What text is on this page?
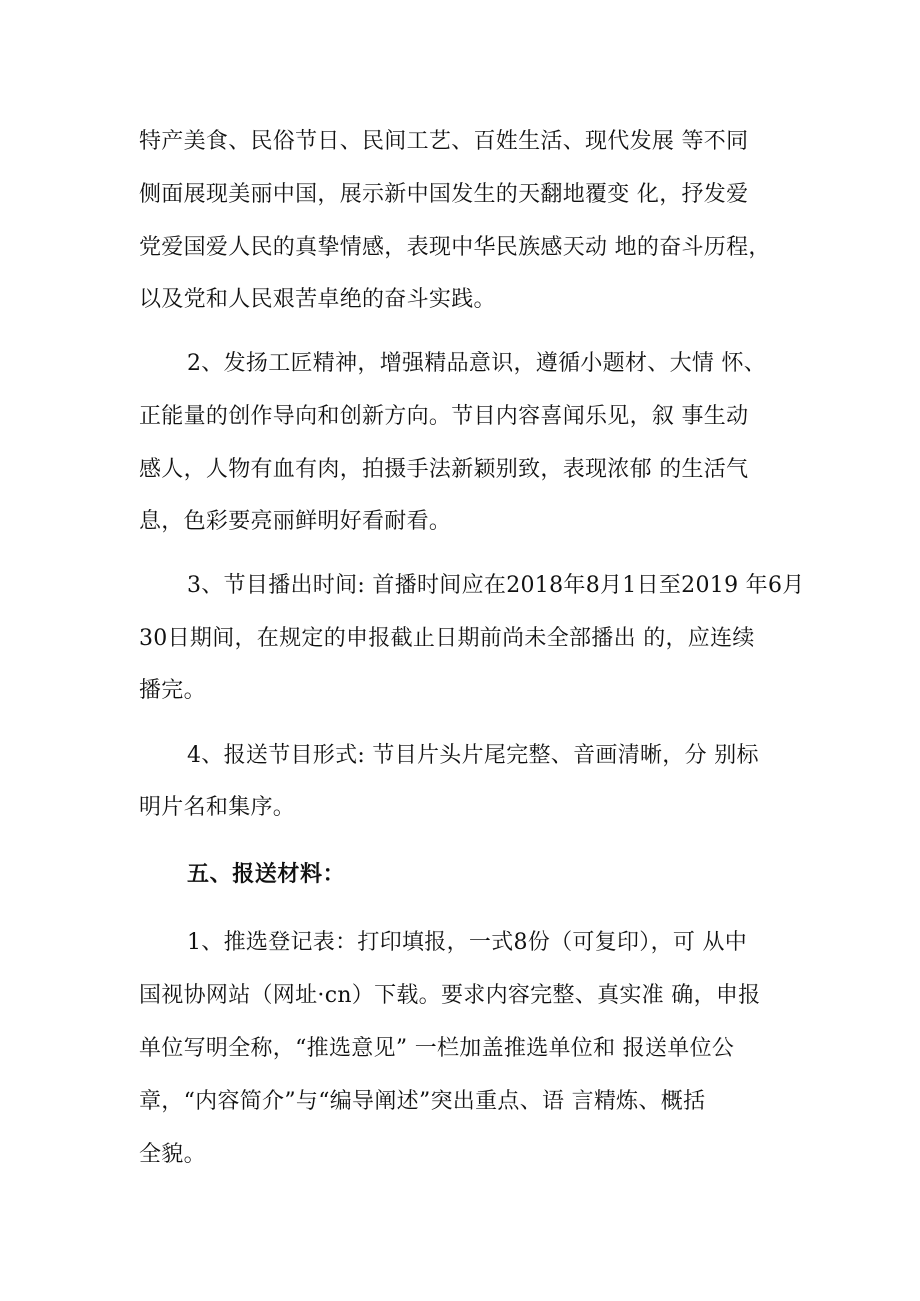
特产美食、民俗节日、民间工艺、百姓生活、现代发展 等不同
侧面展现美丽中国，展示新中国发生的天翻地覆变 化，抒发爱
党爱国爱人民的真挚情感，表现中华民族感天动 地的奋斗历程，
以及党和人民艰苦卓绝的奋斗实践。
2、发扬工匠精神，增强精品意识，遵循小题材、大情 怀、
正能量的创作导向和创新方向。节目内容喜闻乐见，叙 事生动
感人，人物有血有肉，拍摄手法新颖别致，表现浓郁 的生活气
息，色彩要亮丽鲜明好看耐看。
3、节目播出时间: 首播时间应在2018年8月1日至2019 年6月
30日期间，在规定的申报截止日期前尚未全部播出 的，应连续
播完。
4、报送节目形式: 节目片头片尾完整、音画清晰，分 别标
明片名和集序。
五、报送材料：
1、推选登记表：打印填报，一式8份（可复印），可 从中
国视协网站（网址·cn）下载。要求内容完整、真实准 确，申报
单位写明全称，“推选意见” 一栏加盖推选单位和 报送单位公
章，“内容简介”与“编导阐述”突出重点、语 言精炼、概括
全貌。
